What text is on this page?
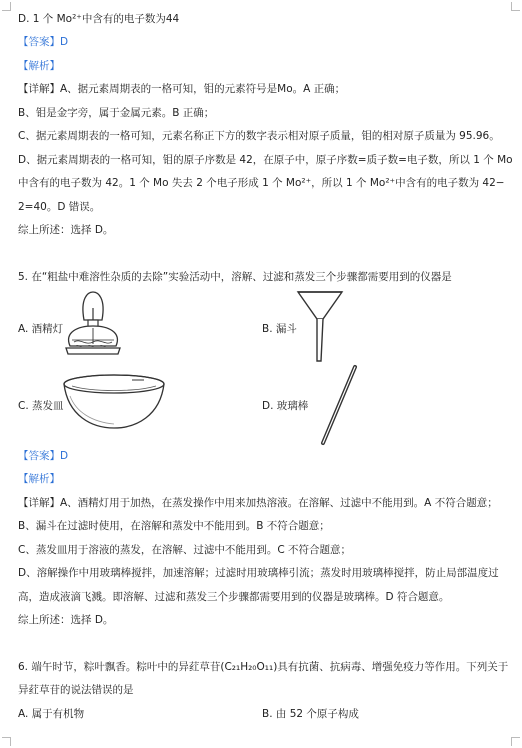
D. 1 个 Mo²⁺中含有的电子数为44
【答案】D
【解析】
【详解】A、据元素周期表的一格可知，钼的元素符号是Mo。A 正确；
B、钼是金字旁，属于金属元素。B 正确；
C、据元素周期表的一格可知，元素名称正下方的数字表示相对原子质量，钼的相对原子质量为 95.96。
D、据元素周期表的一格可知，钼的原子序数是 42，在原子中，原子序数=质子数=电子数，所以 1 个 Mo
中含有的电子数为 42。1 个 Mo 失去 2 个电子形成 1 个 Mo²⁺，所以 1 个 Mo²⁺中含有的电子数为 42−
2=40。D 错误。
综上所述：选择 D。
5. 在“粗盐中难溶性杂质的去除”实验活动中，溶解、过滤和蒸发三个步骤都需要用到的仪器是
A. 酒精灯	B. 漏斗
C. 蒸发皿	D. 玻璃棒
【答案】D
【解析】
【详解】A、酒精灯用于加热，在蒸发操作中用来加热溶液。在溶解、过滤中不能用到。A 不符合题意；
B、漏斗在过滤时使用，在溶解和蒸发中不能用到。B 不符合题意；
C、蒸发皿用于溶液的蒸发，在溶解、过滤中不能用到。C 不符合题意；
D、溶解操作中用玻璃棒搅拌，加速溶解；过滤时用玻璃棒引流；蒸发时用玻璃棒搅拌，防止局部温度过
高，造成液滴飞溅。即溶解、过滤和蒸发三个步骤都需要用到的仪器是玻璃棒。D 符合题意。
综上所述：选择 D。
6. 端午时节，粽叶飘香。粽叶中的异荭草苷(C₂₁H₂₀O₁₁)具有抗菌、抗病毒、增强免疫力等作用。下列关于
异荭草苷的说法错误的是
A. 属于有机物	B. 由 52 个原子构成
